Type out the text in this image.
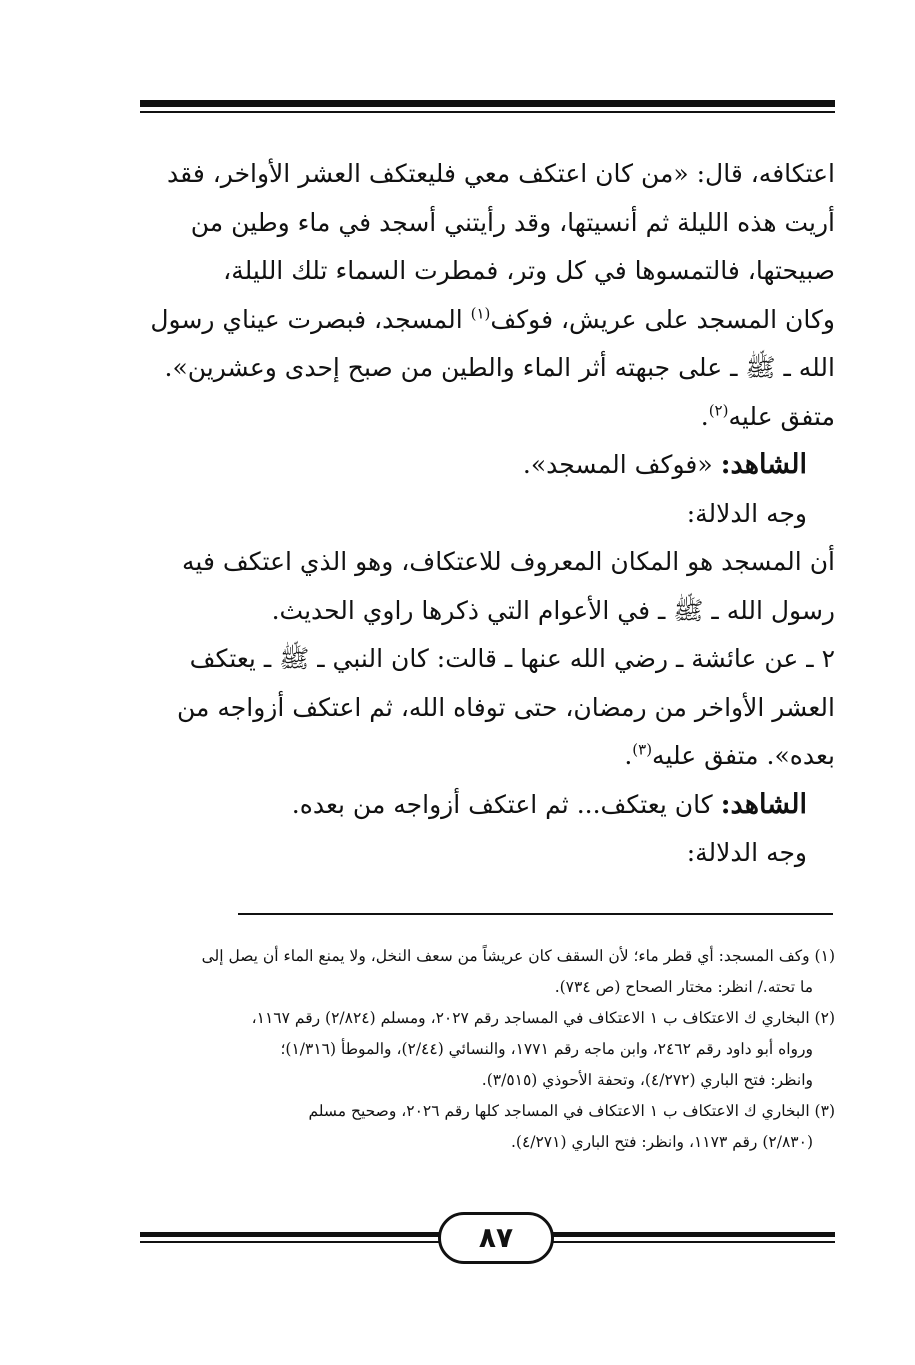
اعتكافه، قال: «من كان اعتكف معي فليعتكف العشر الأواخر، فقد

أريت هذه الليلة ثم أنسيتها، وقد رأيتني أسجد في ماء وطين من

صبيحتها، فالتمسوها في كل وتر، فمطرت السماء تلك الليلة،

وكان المسجد على عريش، فوكف$^{(١)}$ المسجد، فبصرت عيناي رسول

الله ـ ﷺ ـ على جبهته أثر الماء والطين من صبح إحدى وعشرين».

متفق عليه$^{(٢)}$.

الشاهد: «فوكف المسجد».

وجه الدلالة:

أن المسجد هو المكان المعروف للاعتكاف، وهو الذي اعتكف فيه

رسول الله ـ ﷺ ـ في الأعوام التي ذكرها راوي الحديث.

٢ ـ عن عائشة ـ رضي الله عنها ـ قالت: كان النبي ـ ﷺ ـ يعتكف

العشر الأواخر من رمضان، حتى توفاه الله، ثم اعتكف أزواجه من

بعده». متفق عليه$^{(٣)}$.

الشاهد: كان يعتكف... ثم اعتكف أزواجه من بعده.

وجه الدلالة:

(١) وكف المسجد: أي قطر ماء؛ لأن السقف كان عريشاً من سعف النخل، ولا يمنع الماء أن يصل إلى

ما تحته./ انظر: مختار الصحاح (ص ٧٣٤).

(٢) البخاري ك الاعتكاف ب ١ الاعتكاف في المساجد رقم ٢٠٢٧، ومسلم (٢/٨٢٤) رقم ١١٦٧،

ورواه أبو داود رقم ٢٤٦٢، وابن ماجه رقم ١٧٧١، والنسائي (٢/٤٤)، والموطأ (١/٣١٦)؛

وانظر: فتح الباري (٤/٢٧٢)، وتحفة الأحوذي (٣/٥١٥).

(٣) البخاري ك الاعتكاف ب ١ الاعتكاف في المساجد كلها رقم ٢٠٢٦، وصحيح مسلم

(٢/٨٣٠) رقم ١١٧٣، وانظر: فتح الباري (٤/٢٧١).

٨٧
